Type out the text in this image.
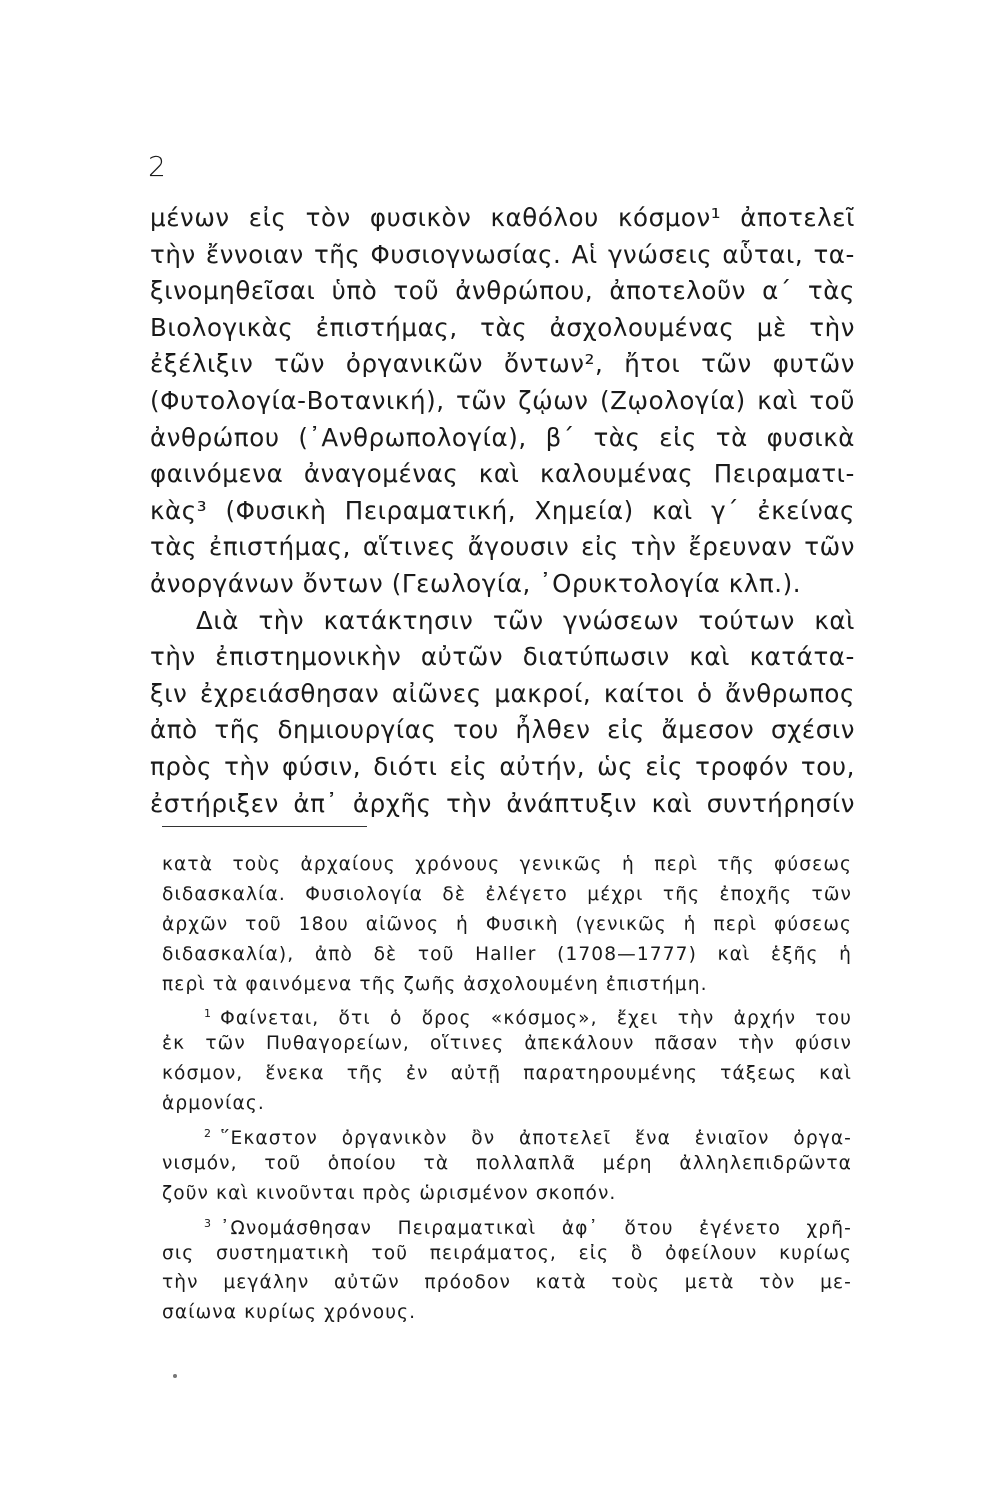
2
μένων εἰς τὸν φυσικὸν καθόλου κόσμον¹ ἀποτελεῖ
τὴν ἔννοιαν τῆς Φυσιογνωσίας. Αἱ γνώσεις αὗται, τα-
ξινομηθεῖσαι ὑπὸ τοῦ ἀνθρώπου, ἀποτελοῦν α΄ τὰς
Βιολογικὰς ἐπιστήμας, τὰς ἀσχολουμένας μὲ τὴν
ἐξέλιξιν τῶν ὀργανικῶν ὄντων², ἤτοι τῶν φυτῶν
(Φυτολογία-Βοτανική), τῶν ζῴων (Ζῳολογία) καὶ τοῦ
ἀνθρώπου (᾿Ανθρωπολογία), β΄ τὰς εἰς τὰ φυσικὰ
φαινόμενα ἀναγομένας καὶ καλουμένας Πειραματι-
κὰς³ (Φυσικὴ Πειραματική, Χημεία) καὶ γ΄ ἐκείνας
τὰς ἐπιστήμας, αἵτινες ἄγουσιν εἰς τὴν ἔρευναν τῶν
ἀνοργάνων ὄντων (Γεωλογία, ᾿Ορυκτολογία κλπ.).
Διὰ τὴν κατάκτησιν τῶν γνώσεων τούτων καὶ
τὴν ἐπιστημονικὴν αὐτῶν διατύπωσιν καὶ κατάτα-
ξιν ἐχρειάσθησαν αἰῶνες μακροί, καίτοι ὁ ἄνθρωπος
ἀπὸ τῆς δημιουργίας του ἦλθεν εἰς ἄμεσον σχέσιν
πρὸς τὴν φύσιν, διότι εἰς αὐτήν, ὡς εἰς τροφόν του,
ἐστήριξεν ἀπ᾿ ἀρχῆς τὴν ἀνάπτυξιν καὶ συντήρησίν
κατὰ τοὺς ἀρχαίους χρόνους γενικῶς ἡ περὶ τῆς φύσεως
διδασκαλία. Φυσιολογία δὲ ἐλέγετο μέχρι τῆς ἐποχῆς τῶν
ἀρχῶν τοῦ 18ου αἰῶνος ἡ Φυσικὴ (γενικῶς ἡ περὶ φύσεως
διδασκαλία), ἀπὸ δὲ τοῦ Haller (1708—1777) καὶ ἑξῆς ἡ
περὶ τὰ φαινόμενα τῆς ζωῆς ἀσχολουμένη ἐπιστήμη.
$^1$ Φαίνεται, ὅτι ὁ ὅρος «κόσμος», ἔχει τὴν ἀρχήν του
ἐκ τῶν Πυθαγορείων, οἵτινες ἀπεκάλουν πᾶσαν τὴν φύσιν
κόσμον, ἕνεκα τῆς ἐν αὐτῇ παρατηρουμένης τάξεως καὶ
ἁρμονίας.
$^2$ ῞Εκαστον ὀργανικὸν ὂν ἀποτελεῖ ἕνα ἑνιαῖον ὀργα-
νισμόν, τοῦ ὁποίου τὰ πολλαπλᾶ μέρη ἀλληλεπιδρῶντα
ζοῦν καὶ κινοῦνται πρὸς ὡρισμένον σκοπόν.
$^3$ ᾿Ωνομάσθησαν Πειραματικαὶ ἀφ᾿ ὅτου ἐγένετο χρῆ-
σις συστηματικὴ τοῦ πειράματος, εἰς ὃ ὀφείλουν κυρίως
τὴν μεγάλην αὐτῶν πρόοδον κατὰ τοὺς μετὰ τὸν με-
σαίωνα κυρίως χρόνους.
